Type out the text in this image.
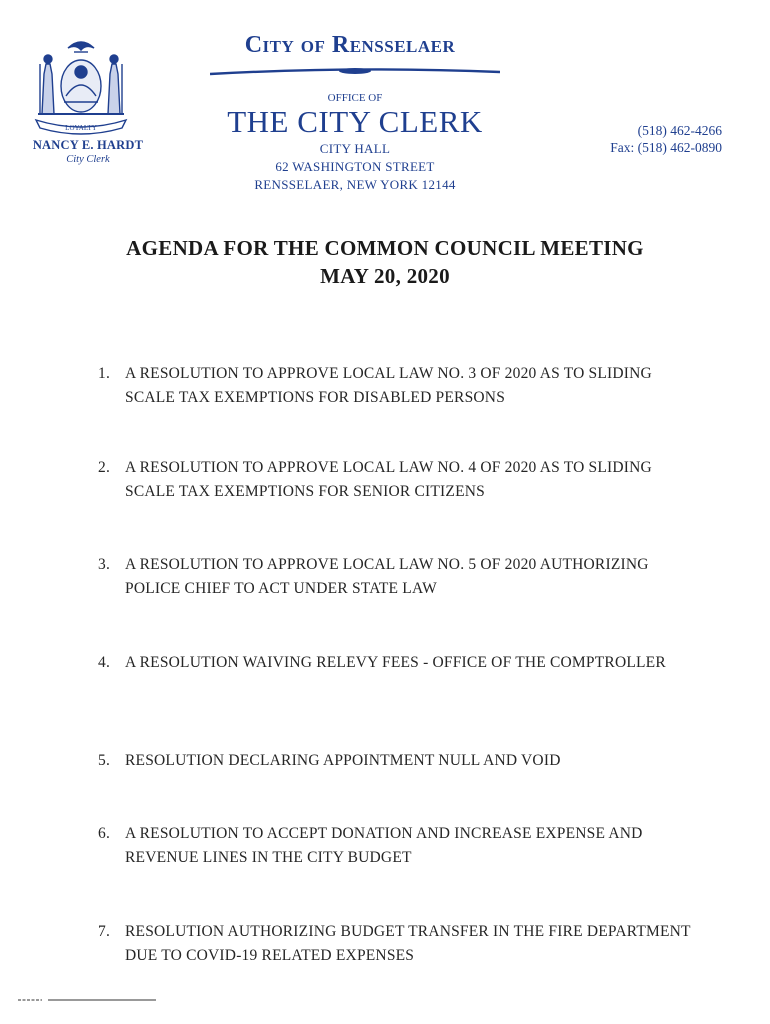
LOYALTY
NANCY E. HARDT
City Clerk
City of Rensselaer
OFFICE OF
THE CITY CLERK
CITY HALL
62 WASHINGTON STREET
RENSSELAER, NEW YORK 12144
(518) 462-4266
Fax: (518) 462-0890
AGENDA FOR THE COMMON COUNCIL MEETING
MAY 20, 2020
1. A RESOLUTION TO APPROVE LOCAL LAW NO. 3 OF 2020 AS TO SLIDING SCALE TAX EXEMPTIONS FOR DISABLED PERSONS
2. A RESOLUTION TO APPROVE LOCAL LAW NO. 4 OF 2020 AS TO SLIDING SCALE TAX EXEMPTIONS FOR SENIOR CITIZENS
3. A RESOLUTION TO APPROVE LOCAL LAW NO. 5 OF 2020 AUTHORIZING POLICE CHIEF TO ACT UNDER STATE LAW
4. A RESOLUTION WAIVING RELEVY FEES - OFFICE OF THE COMPTROLLER
5. RESOLUTION DECLARING APPOINTMENT NULL AND VOID
6. A RESOLUTION TO ACCEPT DONATION AND INCREASE EXPENSE AND REVENUE LINES IN THE CITY BUDGET
7. RESOLUTION AUTHORIZING BUDGET TRANSFER IN THE FIRE DEPARTMENT DUE TO COVID-19 RELATED EXPENSES
